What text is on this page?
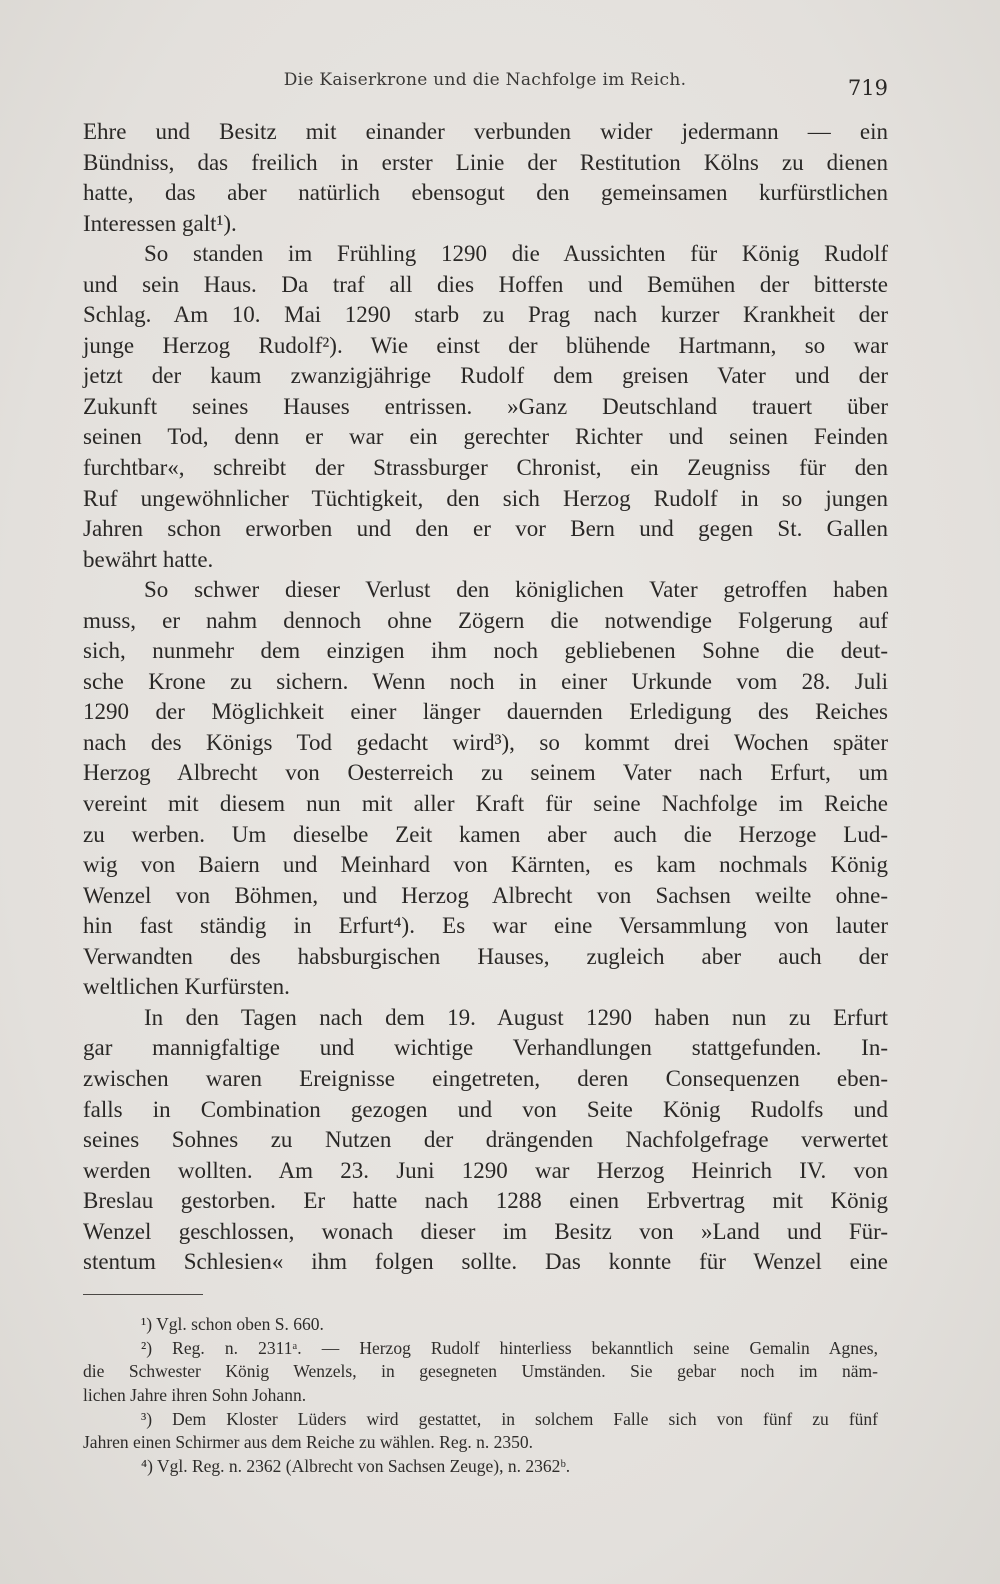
Die Kaiserkrone und die Nachfolge im Reich.	719
Ehre und Besitz mit einander verbunden wider jedermann — ein
Bündniss, das freilich in erster Linie der Restitution Kölns zu dienen
hatte, das aber natürlich ebensogut den gemeinsamen kurfürstlichen
Interessen galt¹).
So standen im Frühling 1290 die Aussichten für König Rudolf
und sein Haus. Da traf all dies Hoffen und Bemühen der bitterste
Schlag. Am 10. Mai 1290 starb zu Prag nach kurzer Krankheit der
junge Herzog Rudolf²). Wie einst der blühende Hartmann, so war
jetzt der kaum zwanzigjährige Rudolf dem greisen Vater und der
Zukunft seines Hauses entrissen. »Ganz Deutschland trauert über
seinen Tod, denn er war ein gerechter Richter und seinen Feinden
furchtbar«, schreibt der Strassburger Chronist, ein Zeugniss für den
Ruf ungewöhnlicher Tüchtigkeit, den sich Herzog Rudolf in so jungen
Jahren schon erworben und den er vor Bern und gegen St. Gallen
bewährt hatte.
So schwer dieser Verlust den königlichen Vater getroffen haben
muss, er nahm dennoch ohne Zögern die notwendige Folgerung auf
sich, nunmehr dem einzigen ihm noch gebliebenen Sohne die deut-
sche Krone zu sichern. Wenn noch in einer Urkunde vom 28. Juli
1290 der Möglichkeit einer länger dauernden Erledigung des Reiches
nach des Königs Tod gedacht wird³), so kommt drei Wochen später
Herzog Albrecht von Oesterreich zu seinem Vater nach Erfurt, um
vereint mit diesem nun mit aller Kraft für seine Nachfolge im Reiche
zu werben. Um dieselbe Zeit kamen aber auch die Herzoge Lud-
wig von Baiern und Meinhard von Kärnten, es kam nochmals König
Wenzel von Böhmen, und Herzog Albrecht von Sachsen weilte ohne-
hin fast ständig in Erfurt⁴). Es war eine Versammlung von lauter
Verwandten des habsburgischen Hauses, zugleich aber auch der
weltlichen Kurfürsten.
In den Tagen nach dem 19. August 1290 haben nun zu Erfurt
gar mannigfaltige und wichtige Verhandlungen stattgefunden. In-
zwischen waren Ereignisse eingetreten, deren Consequenzen eben-
falls in Combination gezogen und von Seite König Rudolfs und
seines Sohnes zu Nutzen der drängenden Nachfolgefrage verwertet
werden wollten. Am 23. Juni 1290 war Herzog Heinrich IV. von
Breslau gestorben. Er hatte nach 1288 einen Erbvertrag mit König
Wenzel geschlossen, wonach dieser im Besitz von »Land und Für-
stentum Schlesien« ihm folgen sollte. Das konnte für Wenzel eine
¹) Vgl. schon oben S. 660.
²) Reg. n. 2311ᵃ. — Herzog Rudolf hinterliess bekanntlich seine Gemalin Agnes,
die Schwester König Wenzels, in gesegneten Umständen. Sie gebar noch im näm-
lichen Jahre ihren Sohn Johann.
³) Dem Kloster Lüders wird gestattet, in solchem Falle sich von fünf zu fünf
Jahren einen Schirmer aus dem Reiche zu wählen. Reg. n. 2350.
⁴) Vgl. Reg. n. 2362 (Albrecht von Sachsen Zeuge), n. 2362ᵇ.
